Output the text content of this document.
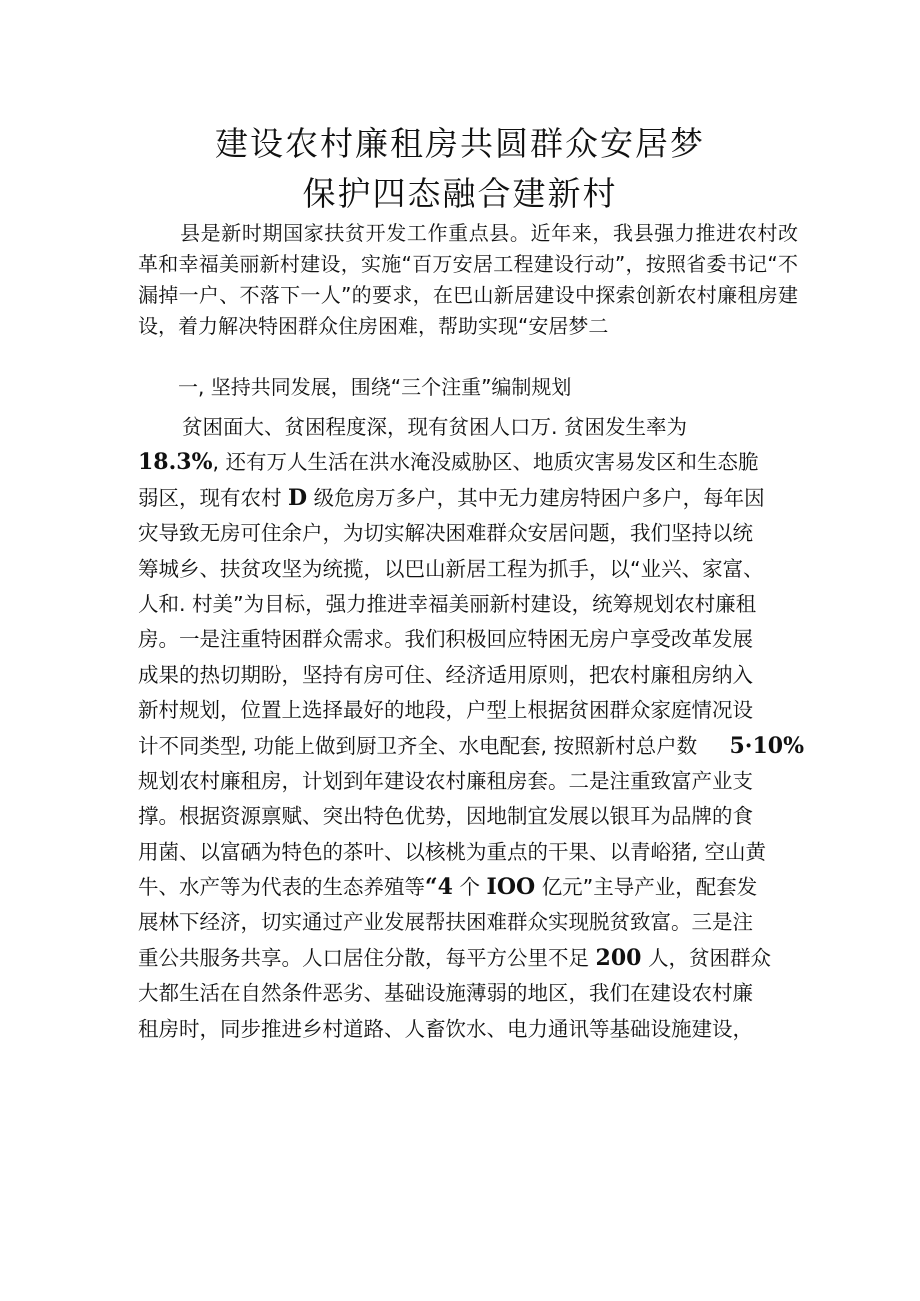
建设农村廉租房共圆群众安居梦
保护四态融合建新村

县是新时期国家扶贫开发工作重点县。近年来，我县强力推进农村改革和幸福美丽新村建设，实施“百万安居工程建设行动”，按照省委书记“不漏掉一户、不落下一人”的要求，在巴山新居建设中探索创新农村廉租房建设，着力解决特困群众住房困难，帮助实现“安居梦二

一, 坚持共同发展，围绕“三个注重”编制规划

贫困面大、贫困程度深，现有贫困人口万. 贫困发生率为
18.3%, 还有万人生活在洪水淹没威胁区、地质灾害易发区和生态脆
弱区，现有农村
D
级危房万多户，其中无力建房特困户多户，每年因
灾导致无房可住余户，为切实解决困难群众安居问题，我们坚持以统
筹城乡、扶贫攻坚为统揽，以巴山新居工程为抓手，以“业兴、家富、
人和. 村美”为目标，强力推进幸福美丽新村建设，统筹规划农村廉租
房。一是注重特困群众需求。我们积极回应特困无房户享受改革发展
成果的热切期盼，坚持有房可住、经济适用原则，把农村廉租房纳入
新村规划，位置上选择最好的地段，户型上根据贫困群众家庭情况设
计不同类型, 功能上做到厨卫齐全、水电配套, 按照新村总户数 5·10%
规划农村廉租房，计划到年建设农村廉租房套。二是注重致富产业支
撑。根据资源禀赋、突出特色优势，因地制宜发展以银耳为品牌的食
用菌、以富硒为特色的茶叶、以核桃为重点的干果、以青峪猪, 空山黄
牛、水产等为代表的生态养殖等 “4
个
IOO
亿元”主导产业，配套发
展林下经济，切实通过产业发展帮扶困难群众实现脱贫致富。三是注
重公共服务共享。人口居住分散，每平方公里不足
200
人，贫困群众
大都生活在自然条件恶劣、基础设施薄弱的地区，我们在建设农村廉
租房时，同步推进乡村道路、人畜饮水、电力通讯等基础设施建设，
